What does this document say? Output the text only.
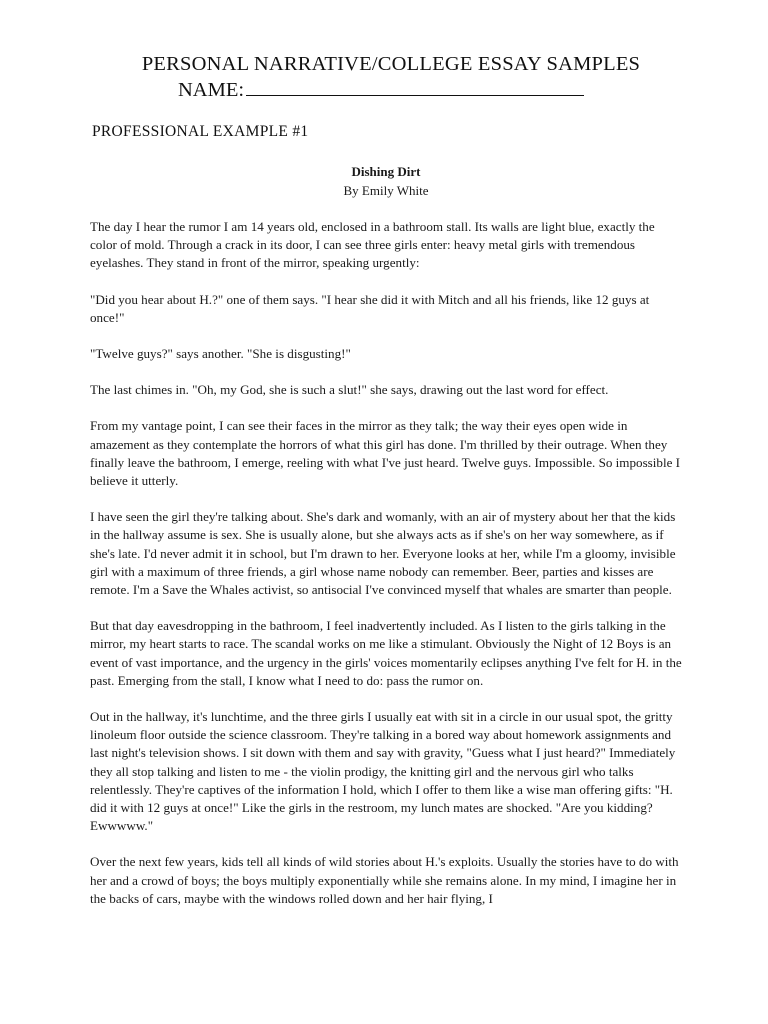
PERSONAL NARRATIVE/COLLEGE ESSAY SAMPLES
NAME:
PROFESSIONAL EXAMPLE #1
Dishing Dirt
By Emily White

The day I hear the rumor I am 14 years old, enclosed in a bathroom stall. Its walls are light blue, exactly the color of mold. Through a crack in its door, I can see three girls enter: heavy metal girls with tremendous eyelashes. They stand in front of the mirror, speaking urgently:

"Did you hear about H.?" one of them says. "I hear she did it with Mitch and all his friends, like 12 guys at once!"

"Twelve guys?" says another. "She is disgusting!"

The last chimes in. "Oh, my God, she is such a slut!" she says, drawing out the last word for effect.

From my vantage point, I can see their faces in the mirror as they talk; the way their eyes open wide in amazement as they contemplate the horrors of what this girl has done. I'm thrilled by their outrage. When they finally leave the bathroom, I emerge, reeling with what I've just heard. Twelve guys. Impossible. So impossible I believe it utterly.

I have seen the girl they're talking about. She's dark and womanly, with an air of mystery about her that the kids in the hallway assume is sex. She is usually alone, but she always acts as if she's on her way somewhere, as if she's late. I'd never admit it in school, but I'm drawn to her. Everyone looks at her, while I'm a gloomy, invisible girl with a maximum of three friends, a girl whose name nobody can remember. Beer, parties and kisses are remote. I'm a Save the Whales activist, so antisocial I've convinced myself that whales are smarter than people.

But that day eavesdropping in the bathroom, I feel inadvertently included. As I listen to the girls talking in the mirror, my heart starts to race. The scandal works on me like a stimulant. Obviously the Night of 12 Boys is an event of vast importance, and the urgency in the girls' voices momentarily eclipses anything I've felt for H. in the past. Emerging from the stall, I know what I need to do: pass the rumor on.

Out in the hallway, it's lunchtime, and the three girls I usually eat with sit in a circle in our usual spot, the gritty linoleum floor outside the science classroom. They're talking in a bored way about homework assignments and last night's television shows. I sit down with them and say with gravity, "Guess what I just heard?" Immediately they all stop talking and listen to me - the violin prodigy, the knitting girl and the nervous girl who talks relentlessly. They're captives of the information I hold, which I offer to them like a wise man offering gifts: "H. did it with 12 guys at once!" Like the girls in the restroom, my lunch mates are shocked. "Are you kidding? Ewwwww."

Over the next few years, kids tell all kinds of wild stories about H.'s exploits. Usually the stories have to do with her and a crowd of boys; the boys multiply exponentially while she remains alone. In my mind, I imagine her in the backs of cars, maybe with the windows rolled down and her hair flying, I
